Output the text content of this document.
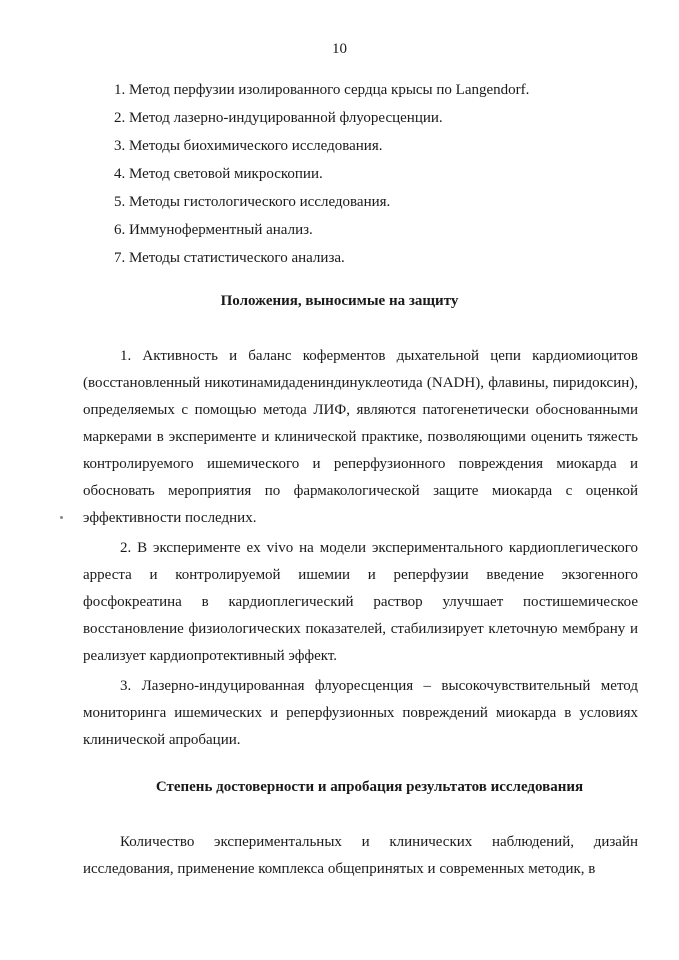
10
1. Метод перфузии изолированного сердца крысы по Langendorf.
2. Метод лазерно-индуцированной флуоресценции.
3. Методы биохимического исследования.
4. Метод световой микроскопии.
5. Методы гистологического исследования.
6. Иммуноферментный анализ.
7. Методы статистического анализа.
Положения, выносимые на защиту

1. Активность и баланс коферментов дыхательной цепи кардиомиоцитов (восстановленный никотинамидадениндинуклеотида (NADH), флавины, пиридоксин), определяемых с помощью метода ЛИФ, являются патогенетически обоснованными маркерами в эксперименте и клинической практике, позволяющими оценить тяжесть контролируемого ишемического и реперфузионного повреждения миокарда и обосновать мероприятия по фармакологической защите миокарда с оценкой эффективности последних.

2. В эксперименте ex vivo на модели экспериментального кардиоплегического арреста и контролируемой ишемии и реперфузии введение экзогенного фосфокреатина в кардиоплегический раствор улучшает постишемическое восстановление физиологических показателей, стабилизирует клеточную мембрану и реализует кардиопротективный эффект.

3. Лазерно-индуцированная флуоресценция – высокочувствительный метод мониторинга ишемических и реперфузионных повреждений миокарда в условиях клинической апробации.

Степень достоверности и апробация результатов исследования

Количество экспериментальных и клинических наблюдений, дизайн исследования, применение комплекса общепринятых и современных методик, в
